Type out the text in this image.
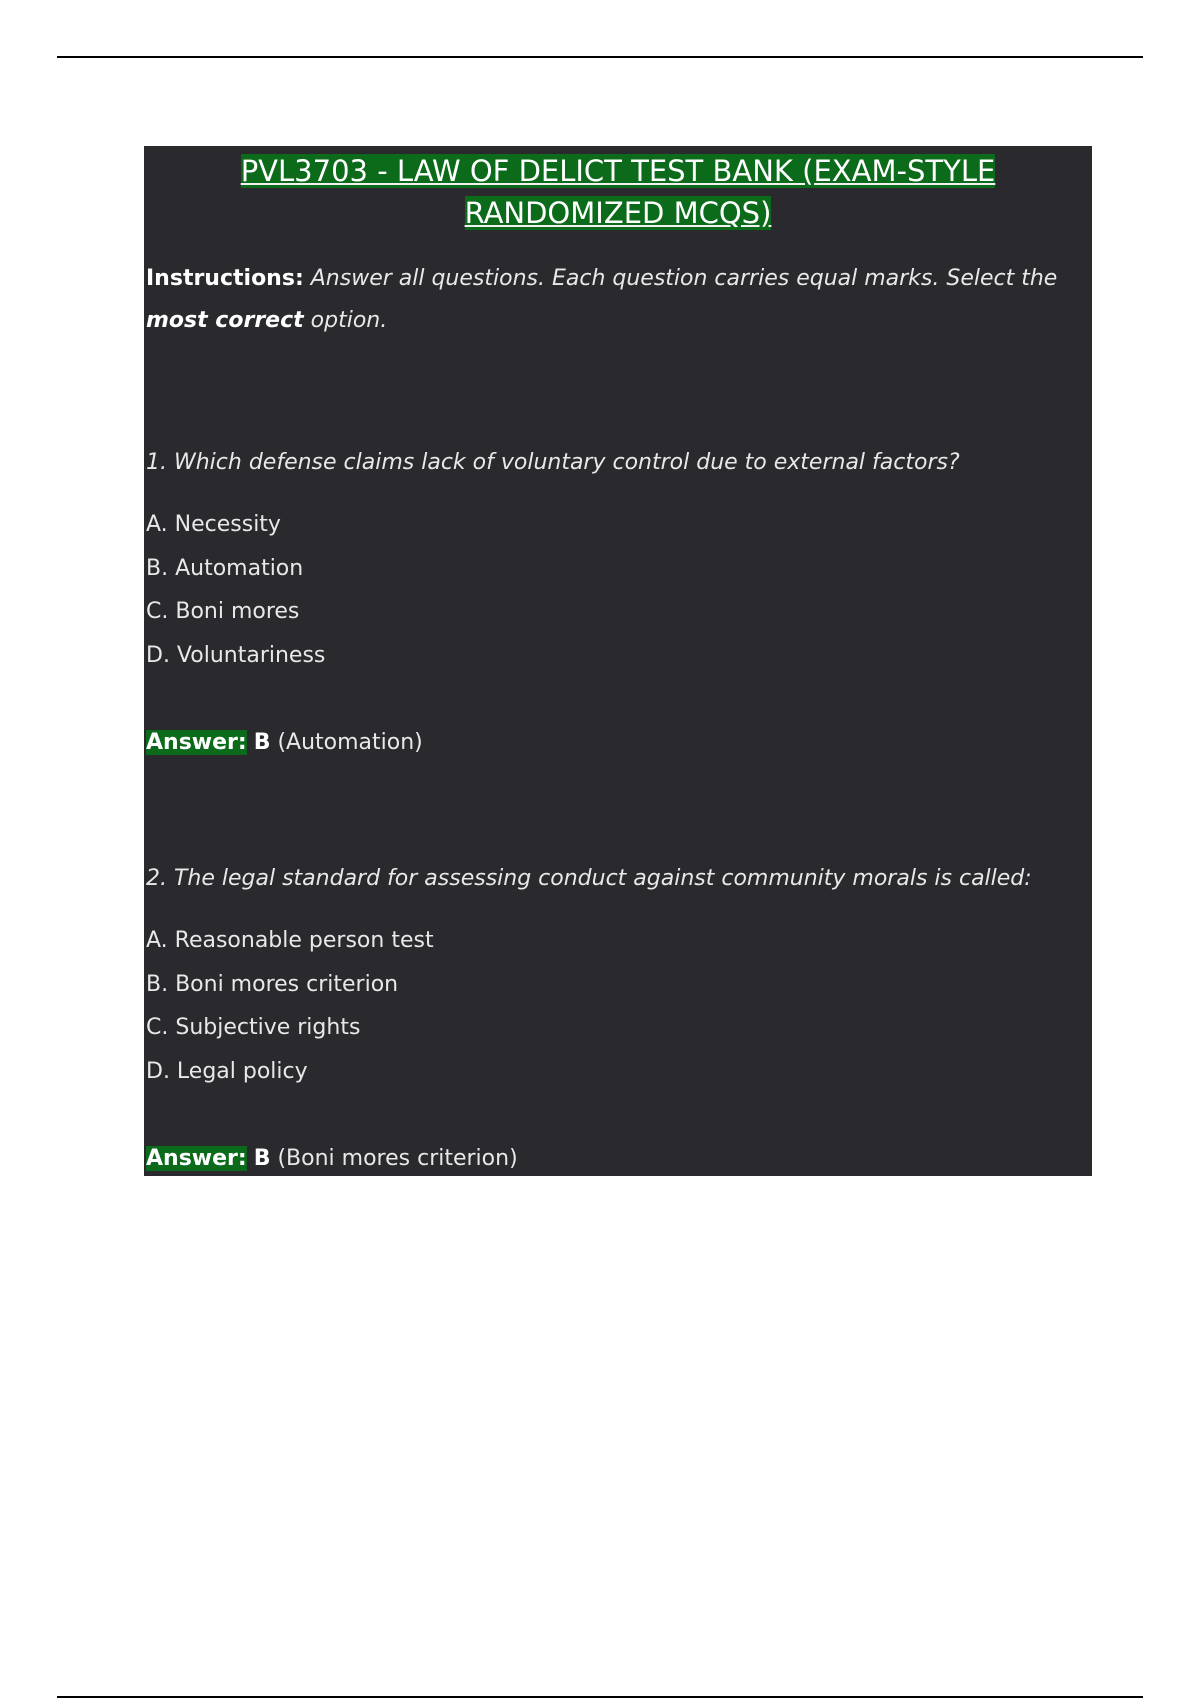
PVL3703 - LAW OF DELICT TEST BANK (EXAM-STYLE
RANDOMIZED MCQS)
Instructions: Answer all questions. Each question carries equal marks. Select the most correct option.
1. Which defense claims lack of voluntary control due to external factors?
A. Necessity
B. Automation
C. Boni mores
D. Voluntariness
Answer: B (Automation)
2. The legal standard for assessing conduct against community morals is called:
A. Reasonable person test
B. Boni mores criterion
C. Subjective rights
D. Legal policy
Answer: B (Boni mores criterion)
